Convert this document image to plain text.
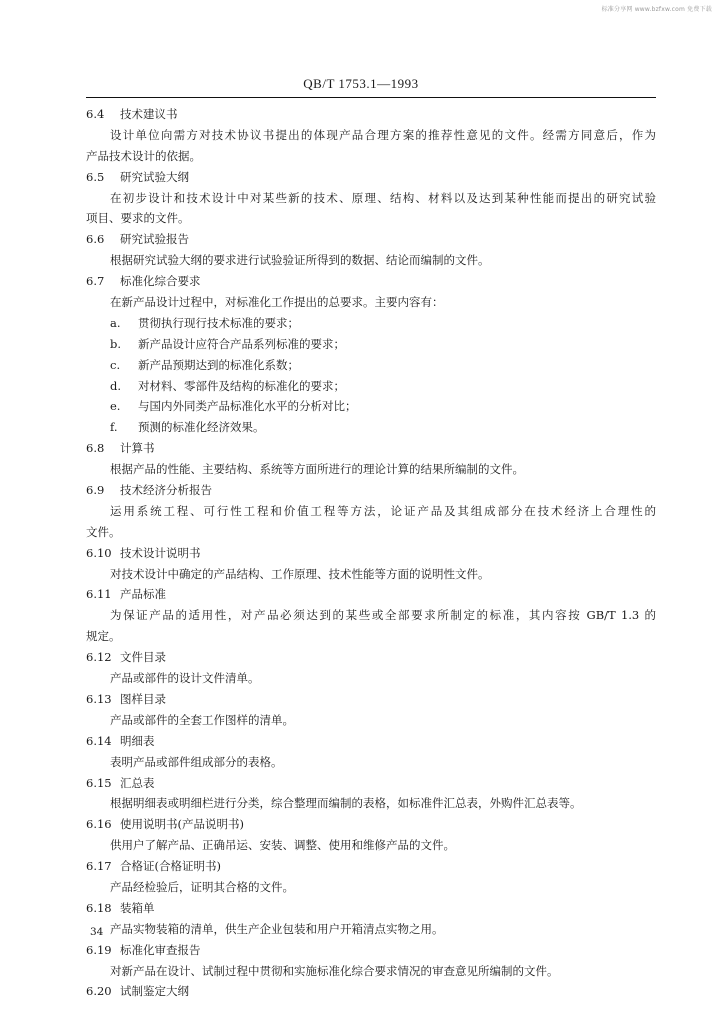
标准分享网 www.bzfxw.com 免费下载
QB/T 1753.1—1993
6.4 技术建议书
设计单位向需方对技术协议书提出的体现产品合理方案的推荐性意见的文件。经需方同意后，作为
产品技术设计的依据。
6.5 研究试验大纲
在初步设计和技术设计中对某些新的技术、原理、结构、材料以及达到某种性能而提出的研究试验
项目、要求的文件。
6.6 研究试验报告
根据研究试验大纲的要求进行试验验证所得到的数据、结论而编制的文件。
6.7 标准化综合要求
在新产品设计过程中，对标准化工作提出的总要求。主要内容有：
a. 贯彻执行现行技术标准的要求；
b. 新产品设计应符合产品系列标准的要求；
c. 新产品预期达到的标准化系数；
d. 对材料、零部件及结构的标准化的要求；
e. 与国内外同类产品标准化水平的分析对比；
f. 预测的标准化经济效果。
6.8 计算书
根据产品的性能、主要结构、系统等方面所进行的理论计算的结果所编制的文件。
6.9 技术经济分析报告
运用系统工程、可行性工程和价值工程等方法，论证产品及其组成部分在技术经济上合理性的
文件。
6.10 技术设计说明书
对技术设计中确定的产品结构、工作原理、技术性能等方面的说明性文件。
6.11 产品标准
为保证产品的适用性，对产品必须达到的某些或全部要求所制定的标准，其内容按 GB/T 1.3 的
规定。
6.12 文件目录
产品或部件的设计文件清单。
6.13 图样目录
产品或部件的全套工作图样的清单。
6.14 明细表
表明产品或部件组成部分的表格。
6.15 汇总表
根据明细表或明细栏进行分类，综合整理而编制的表格，如标准件汇总表，外购件汇总表等。
6.16 使用说明书(产品说明书)
供用户了解产品、正确吊运、安装、调整、使用和维修产品的文件。
6.17 合格证(合格证明书)
产品经检验后，证明其合格的文件。
6.18 装箱单
产品实物装箱的清单，供生产企业包装和用户开箱清点实物之用。
6.19 标准化审查报告
对新产品在设计、试制过程中贯彻和实施标准化综合要求情况的审查意见所编制的文件。
6.20 试制鉴定大纲
34
